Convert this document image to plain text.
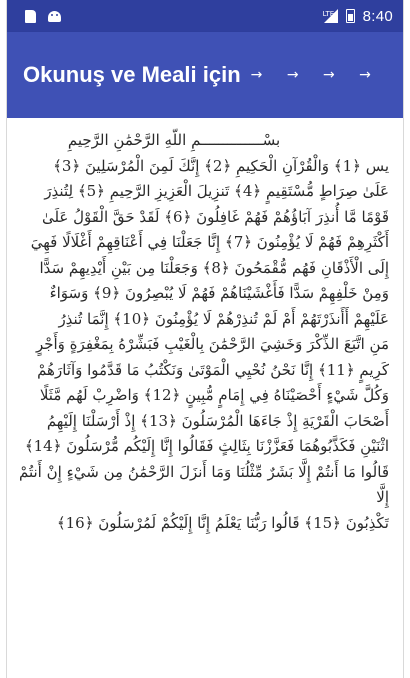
LTE 8:40
Okunuş ve Meali için → → → →
بسْــــــــــــــمِ اللَّهِ الرَّحْمَٰنِ الرَّحِيمِ
يس ﴿1﴾ وَالْقُرْآنِ الْحَكِيمِ ﴿2﴾ إِنَّكَ لَمِنَ الْمُرْسَلِينَ ﴿3﴾
عَلَىٰ صِرَاطٍ مُّسْتَقِيمٍ ﴿4﴾ تَنزِيلَ الْعَزِيزِ الرَّحِيمِ ﴿5﴾ لِتُنذِرَ
قَوْمًا مَّا أُنذِرَ آبَاؤُهُمْ فَهُمْ غَافِلُونَ ﴿6﴾ لَقَدْ حَقَّ الْقَوْلُ عَلَىٰ
أَكْثَرِهِمْ فَهُمْ لَا يُؤْمِنُونَ ﴿7﴾ إِنَّا جَعَلْنَا فِي أَعْنَاقِهِمْ أَغْلَالًا فَهِيَ
إِلَى الْأَذْقَانِ فَهُم مُّقْمَحُونَ ﴿8﴾ وَجَعَلْنَا مِن بَيْنِ أَيْدِيهِمْ سَدًّا
وَمِنْ خَلْفِهِمْ سَدًّا فَأَغْشَيْنَاهُمْ فَهُمْ لَا يُبْصِرُونَ ﴿9﴾ وَسَوَاءٌ
عَلَيْهِمْ أَأَنذَرْتَهُمْ أَمْ لَمْ تُنذِرْهُمْ لَا يُؤْمِنُونَ ﴿10﴾ إِنَّمَا تُنذِرُ
مَنِ اتَّبَعَ الذِّكْرَ وَخَشِيَ الرَّحْمَٰنَ بِالْغَيْبِ فَبَشِّرْهُ بِمَغْفِرَةٍ وَأَجْرٍ
كَرِيمٍ ﴿11﴾ إِنَّا نَحْنُ نُحْيِي الْمَوْتَىٰ وَنَكْتُبُ مَا قَدَّمُوا وَآثَارَهُمْ
وَكُلَّ شَيْءٍ أَحْصَيْنَاهُ فِي إِمَامٍ مُّبِينٍ ﴿12﴾ وَاضْرِبْ لَهُم مَّثَلًا
أَصْحَابَ الْقَرْيَةِ إِذْ جَاءَهَا الْمُرْسَلُونَ ﴿13﴾ إِذْ أَرْسَلْنَا إِلَيْهِمُ
اثْنَيْنِ فَكَذَّبُوهُمَا فَعَزَّزْنَا بِثَالِثٍ فَقَالُوا إِنَّا إِلَيْكُم مُّرْسَلُونَ ﴿14﴾
قَالُوا مَا أَنتُمْ إِلَّا بَشَرٌ مِّثْلُنَا وَمَا أَنزَلَ الرَّحْمَٰنُ مِن شَيْءٍ إِنْ أَنتُمْ إِلَّا
تَكْذِبُونَ ﴿15﴾ قَالُوا رَبُّنَا يَعْلَمُ إِنَّا إِلَيْكُمْ لَمُرْسَلُونَ ﴿16﴾
